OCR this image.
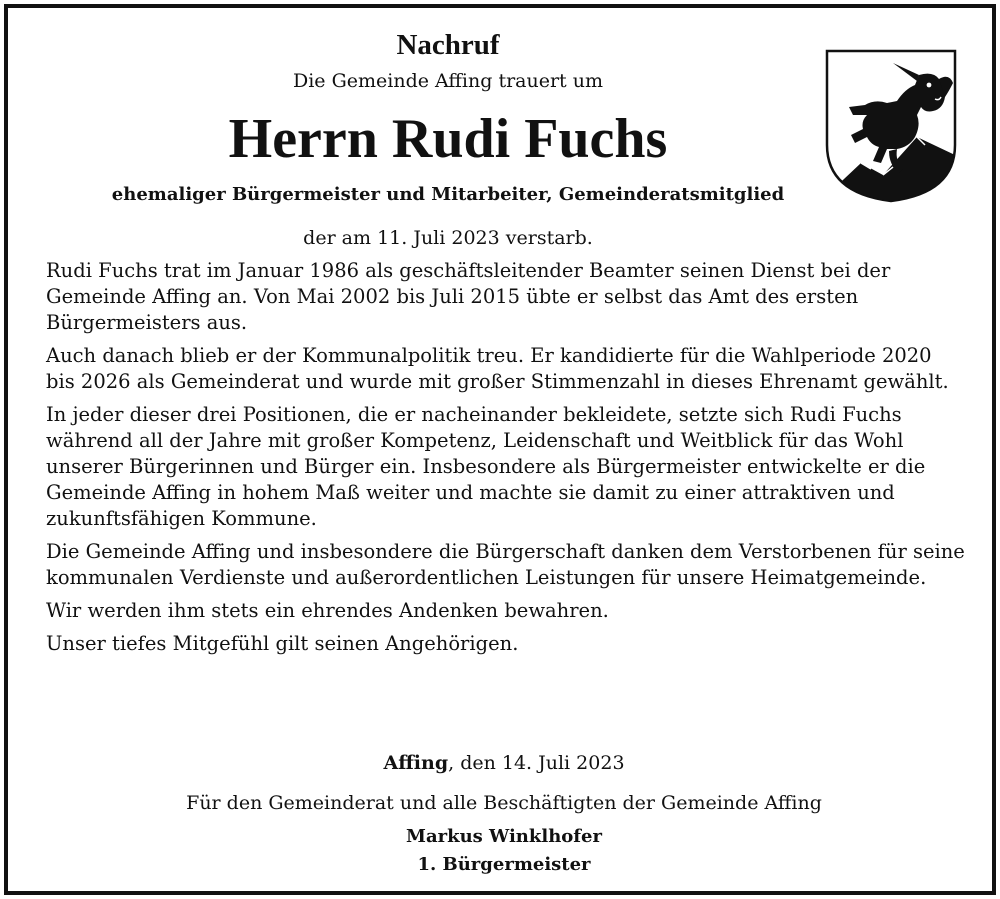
Nachruf
Die Gemeinde Affing trauert um
Herrn Rudi Fuchs
ehemaliger Bürgermeister und Mitarbeiter, Gemeinderatsmitglied
der am 11. Juli 2023 verstarb.

Rudi Fuchs trat im Januar 1986 als geschäftsleitender Beamter seinen Dienst bei der Gemeinde Affing an. Von Mai 2002 bis Juli 2015 übte er selbst das Amt des ersten Bürgermeisters aus.

Auch danach blieb er der Kommunalpolitik treu. Er kandidierte für die Wahlperiode 2020 bis 2026 als Gemeinderat und wurde mit großer Stimmenzahl in dieses Ehrenamt gewählt.

In jeder dieser drei Positionen, die er nacheinander bekleidete, setzte sich Rudi Fuchs während all der Jahre mit großer Kompetenz, Leidenschaft und Weitblick für das Wohl unserer Bürgerinnen und Bürger ein. Insbesondere als Bürgermeister entwickelte er die Gemeinde Affing in hohem Maß weiter und machte sie damit zu einer attraktiven und zukunftsfähigen Kommune.

Die Gemeinde Affing und insbesondere die Bürgerschaft danken dem Verstorbenen für seine kommunalen Verdienste und außerordentlichen Leistungen für unsere Heimatgemeinde.

Wir werden ihm stets ein ehrendes Andenken bewahren.

Unser tiefes Mitgefühl gilt seinen Angehörigen.

Affing, den 14. Juli 2023
Für den Gemeinderat und alle Beschäftigten der Gemeinde Affing
Markus Winklhofer
1. Bürgermeister
